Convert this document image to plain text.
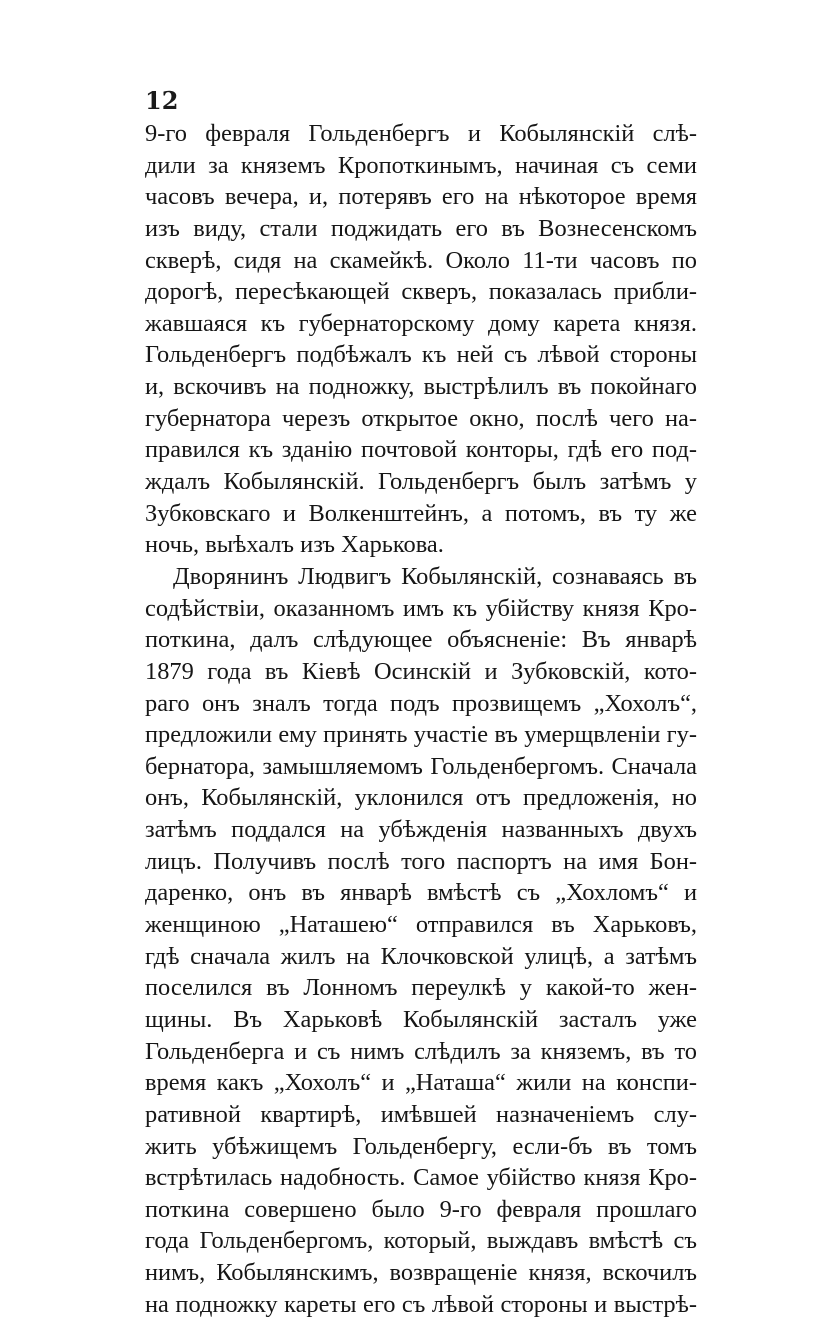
12
9-го февраля Гольденбергъ и Кобылянскій слѣ-
дили за княземъ Кропоткинымъ, начиная съ семи
часовъ вечера, и, потерявъ его на нѣкоторое время
изъ виду, стали поджидать его въ Вознесенскомъ
скверѣ, сидя на скамейкѣ. Около 11-ти часовъ по
дорогѣ, пересѣкающей скверъ, показалась прибли-
жавшаяся къ губернаторскому дому карета князя.
Гольденбергъ подбѣжалъ къ ней съ лѣвой стороны
и, вскочивъ на подножку, выстрѣлилъ въ покойнаго
губернатора черезъ открытое окно, послѣ чего на-
правился къ зданію почтовой конторы, гдѣ его под-
ждалъ Кобылянскій. Гольденбергъ былъ затѣмъ у
Зубковскаго и Волкенштейнъ, а потомъ, въ ту же
ночь, выѣхалъ изъ Харькова.
Дворянинъ Людвигъ Кобылянскій, сознаваясь въ
содѣйствіи, оказанномъ имъ къ убійству князя Кро-
поткина, далъ слѣдующее объясненіе: Въ январѣ
1879 года въ Кіевѣ Осинскій и Зубковскій, кото-
раго онъ зналъ тогда подъ прозвищемъ „Хохолъ“,
предложили ему принять участіе въ умерщвленіи гу-
бернатора, замышляемомъ Гольденбергомъ. Сначала
онъ, Кобылянскій, уклонился отъ предложенія, но
затѣмъ поддался на убѣжденія названныхъ двухъ
лицъ. Получивъ послѣ того паспортъ на имя Бон-
даренко, онъ въ январѣ вмѣстѣ съ „Хохломъ“ и
женщиною „Наташею“ отправился въ Харьковъ,
гдѣ сначала жилъ на Клочковской улицѣ, а затѣмъ
поселился въ Лонномъ переулкѣ у какой-то жен-
щины. Въ Харьковѣ Кобылянскій засталъ уже
Гольденберга и съ нимъ слѣдилъ за княземъ, въ то
время какъ „Хохолъ“ и „Наташа“ жили на конспи-
ративной квартирѣ, имѣвшей назначеніемъ слу-
жить убѣжищемъ Гольденбергу, если-бъ въ томъ
встрѣтилась надобность. Самое убійство князя Кро-
поткина совершено было 9-го февраля прошлаго
года Гольденбергомъ, который, выждавъ вмѣстѣ съ
нимъ, Кобылянскимъ, возвращеніе князя, вскочилъ
на подножку кареты его съ лѣвой стороны и выстрѣ-
